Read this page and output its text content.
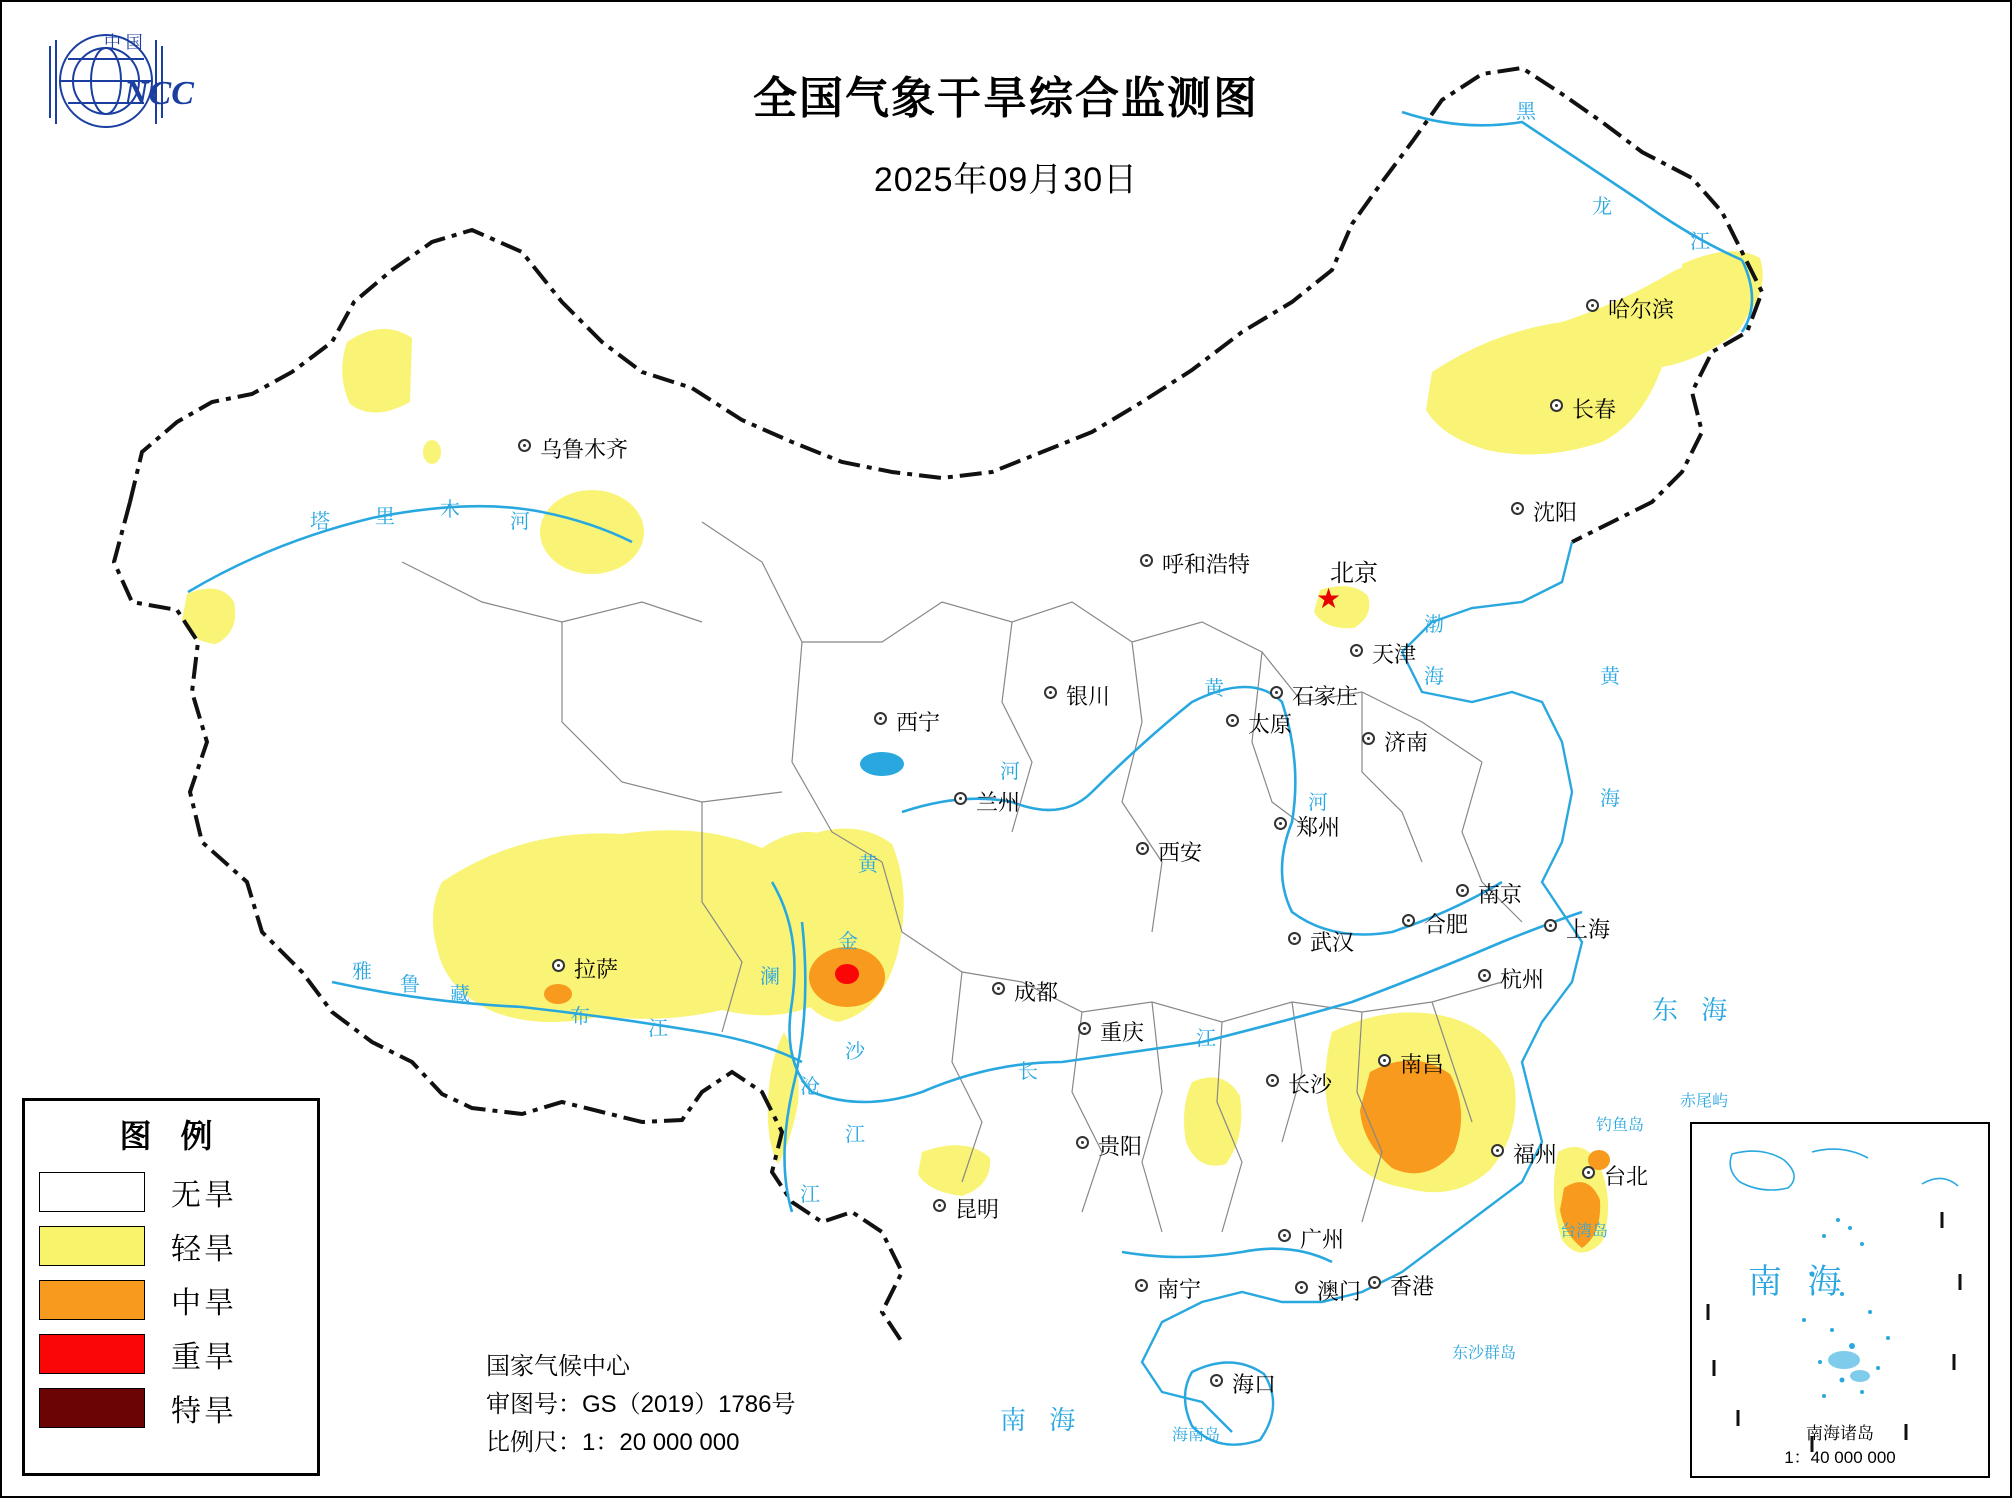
中 国
NCC	全国气象干旱综合监测图
2025年09月30日
哈尔滨
长春
沈阳
呼和浩特
★
北京
天津
石家庄
太原
济南
银川
西宁
兰州
郑州
西安
南京
合肥	上海
武汉
杭州
成都
重庆
南昌
长沙
拉萨
贵阳	福州
台北
昆明
广州
南宁	澳门 香港
海口
乌鲁木齐
黑
龙
江
塔 里 木
河
黄
河
河
黄
金
沙
江
雅
鲁 藏
布
江
澜
沧
江
长
江
渤
海	黄
海
东 海
南 海
钓鱼岛
赤尾屿
台湾岛
东沙群岛
海南岛
图 例
无旱
轻旱
中旱
重旱
特旱
国家气候中心
审图号：GS（2019）1786号
比例尺：1：20 000 000
南 海
南海诸岛
1：40 000 000
